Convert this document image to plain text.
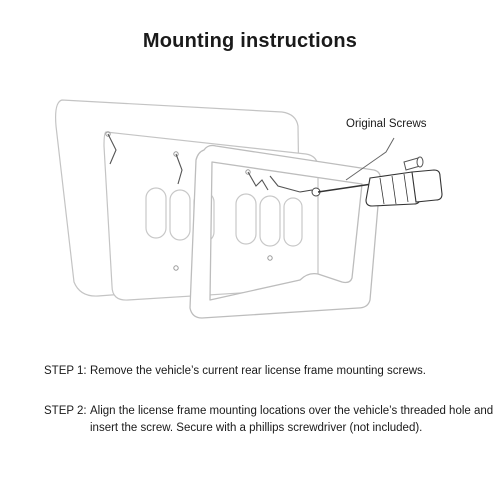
Mounting instructions
Original Screws
STEP 1: Remove the vehicle’s current rear license frame mounting screws.
STEP 2: Align the license frame mounting locations over the vehicle’s threaded hole and insert the screw. Secure with a phillips screwdriver (not included).
